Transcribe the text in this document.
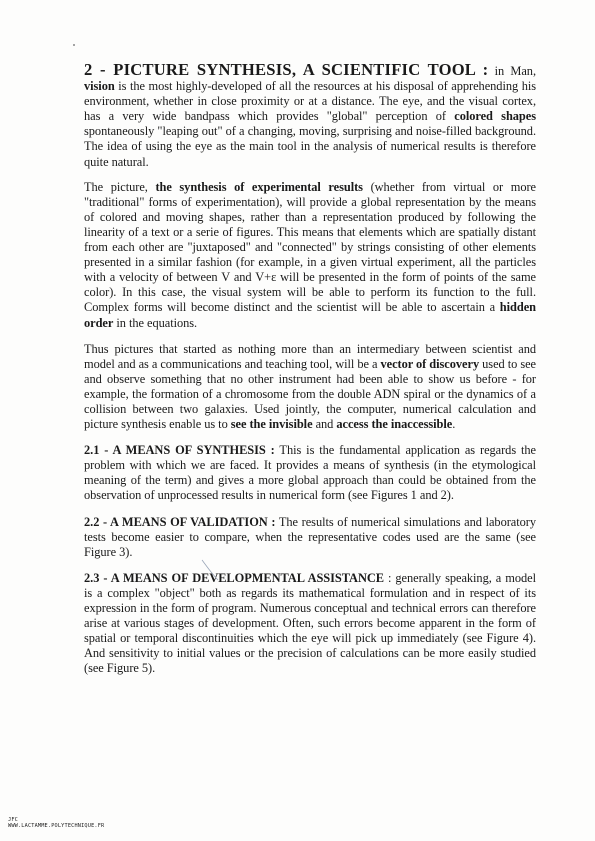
2 - PICTURE SYNTHESIS, A SCIENTIFIC TOOL : in Man, vision is the most highly-developed of all the resources at his disposal of apprehending his environment, whether in close proximity or at a distance. The eye, and the visual cortex, has a very wide bandpass which provides "global" perception of colored shapes spontaneously "leaping out" of a changing, moving, surprising and noise-filled background. The idea of using the eye as the main tool in the analysis of numerical results is therefore quite natural.

The picture, the synthesis of experimental results (whether from virtual or more "traditional" forms of experimentation), will provide a global representation by the means of colored and moving shapes, rather than a representation produced by following the linearity of a text or a serie of figures. This means that elements which are spatially distant from each other are "juxtaposed" and "connected" by strings consisting of other elements presented in a similar fashion (for example, in a given virtual experiment, all the particles with a velocity of between V and V+ε will be presented in the form of points of the same color). In this case, the visual system will be able to perform its function to the full. Complex forms will become distinct and the scientist will be able to ascertain a hidden order in the equations.

Thus pictures that started as nothing more than an intermediary between scientist and model and as a communications and teaching tool, will be a vector of discovery used to see and observe something that no other instrument had been able to show us before - for example, the formation of a chromosome from the double ADN spiral or the dynamics of a collision between two galaxies. Used jointly, the computer, numerical calculation and picture synthesis enable us to see the invisible and access the inaccessible.

2.1 - A MEANS OF SYNTHESIS : This is the fundamental application as regards the problem with which we are faced. It provides a means of synthesis (in the etymological meaning of the term) and gives a more global approach than could be obtained from the observation of unprocessed results in numerical form (see Figures 1 and 2).

2.2 - A MEANS OF VALIDATION : The results of numerical simulations and laboratory tests become easier to compare, when the representative codes used are the same (see Figure 3).

2.3 - A MEANS OF DEVELOPMENTAL ASSISTANCE : generally speaking, a model is a complex "object" both as regards its mathematical formulation and in respect of its expression in the form of program. Numerous conceptual and technical errors can therefore arise at various stages of development. Often, such errors become apparent in the form of spatial or temporal discontinuities which the eye will pick up immediately (see Figure 4). And sensitivity to initial values or the precision of calculations can be more easily studied (see Figure 5).

JFC
WWW.LACTAMME.POLYTECHNIQUE.FR
